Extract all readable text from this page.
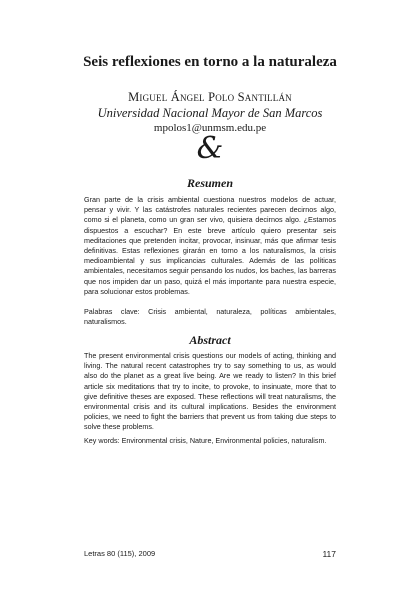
Seis reflexiones en torno a la naturaleza
Miguel Ángel Polo Santillán
Universidad Nacional Mayor de San Marcos
mpolos1@unmsm.edu.pe
&
Resumen

Gran parte de la crisis ambiental cuestiona nuestros modelos de actuar, pensar y vivir. Y las catástrofes naturales recientes parecen decirnos algo, como si el planeta, como un gran ser vivo, quisiera decirnos algo. ¿Estamos dispuestos a escuchar? En este breve artículo quiero presentar seis meditaciones que pretenden incitar, provocar, insinuar, más que afirmar tesis definitivas. Estas reflexiones girarán en torno a los naturalismos, la crisis medioambiental y sus implicancias culturales. Además de las políticas ambientales, necesitamos seguir pensando los nudos, los baches, las barreras que nos impiden dar un paso, quizá el más importante para nuestra especie, para solucionar estos problemas.

Palabras clave: Crisis ambiental, naturaleza, políticas ambientales, naturalismos.

Abstract

The present environmental crisis questions our models of acting, thinking and living. The natural recent catastrophes try to say something to us, as would also do the planet as a great live being. Are we ready to listen? In this brief article six meditations that try to incite, to provoke, to insinuate, more that to give definitive theses are exposed. These reflections will treat naturalisms, the environmental crisis and its cultural implications. Besides the environment policies, we need to fight the barriers that prevent us from taking due steps to solve these problems.

Key words: Environmental crisis, Nature, Environmental policies, naturalism.

Letras 80 (115), 2009	117
